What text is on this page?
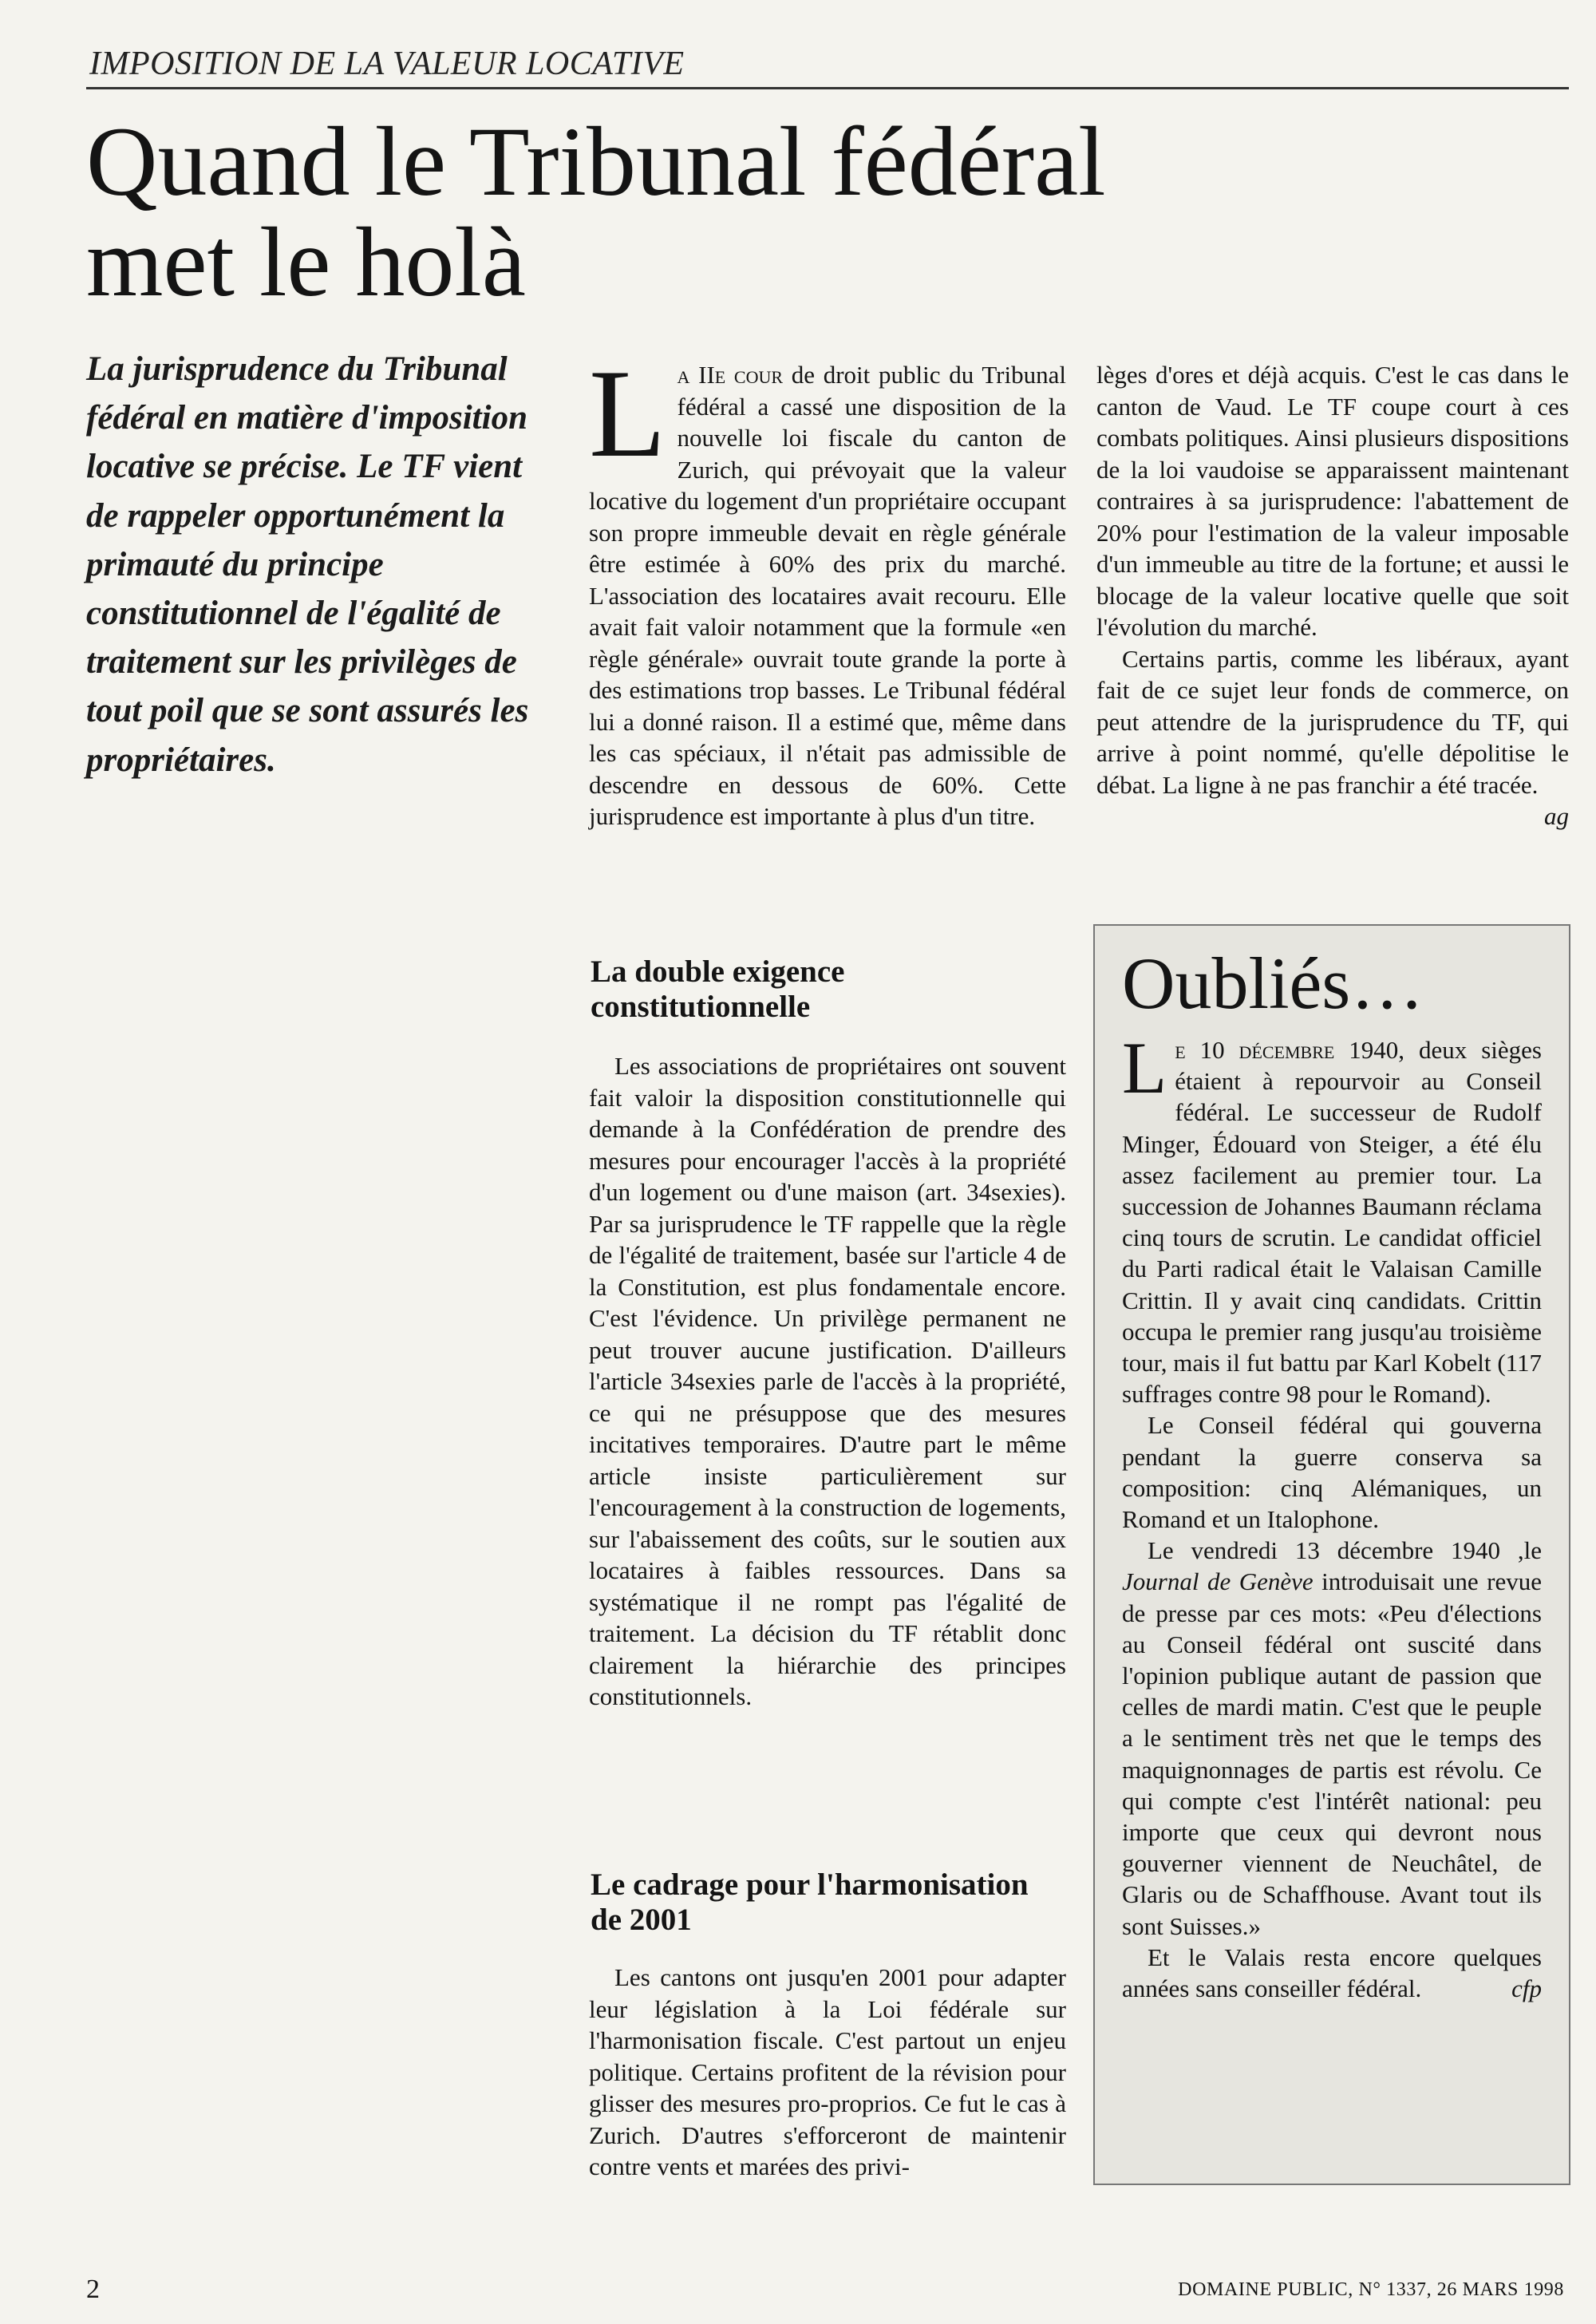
IMPOSITION DE LA VALEUR LOCATIVE
Quand le Tribunal fédéral
met le holà
La jurisprudence du Tribunal fédéral en matière d'imposition locative se précise. Le TF vient de rappeler opportunément la primauté du principe constitutionnel de l'égalité de traitement sur les privilèges de tout poil que se sont assurés les propriétaires.

La IIe cour de droit public du Tribunal fédéral a cassé une disposition de la nouvelle loi fiscale du canton de Zurich, qui prévoyait que la valeur locative du logement d'un propriétaire occupant son propre immeuble devait en règle générale être estimée à 60% des prix du marché. L'association des locataires avait recouru. Elle avait fait valoir notamment que la formule «en règle générale» ouvrait toute grande la porte à des estimations trop basses. Le Tribunal fédéral lui a donné raison. Il a estimé que, même dans les cas spéciaux, il n'était pas admissible de descendre en dessous de 60%. Cette jurisprudence est importante à plus d'un titre.

La double exigence constitutionnelle

Les associations de propriétaires ont souvent fait valoir la disposition constitutionnelle qui demande à la Confédération de prendre des mesures pour encourager l'accès à la propriété d'un logement ou d'une maison (art. 34sexies). Par sa jurisprudence le TF rappelle que la règle de l'égalité de traitement, basée sur l'article 4 de la Constitution, est plus fondamentale encore. C'est l'évidence. Un privilège permanent ne peut trouver aucune justification. D'ailleurs l'article 34sexies parle de l'accès à la propriété, ce qui ne présuppose que des mesures incitatives temporaires. D'autre part le même article insiste particulièrement sur l'encouragement à la construction de logements, sur l'abaissement des coûts, sur le soutien aux locataires à faibles ressources. Dans sa systématique il ne rompt pas l'égalité de traitement. La décision du TF rétablit donc clairement la hiérarchie des principes constitutionnels.

Le cadrage pour l'harmonisation de 2001

Les cantons ont jusqu'en 2001 pour adapter leur législation à la Loi fédérale sur l'harmonisation fiscale. C'est partout un enjeu politique. Certains profitent de la révision pour glisser des mesures pro-proprios. Ce fut le cas à Zurich. D'autres s'efforceront de maintenir contre vents et marées des privi-

lèges d'ores et déjà acquis. C'est le cas dans le canton de Vaud. Le TF coupe court à ces combats politiques. Ainsi plusieurs dispositions de la loi vaudoise se apparaissent maintenant contraires à sa jurisprudence: l'abattement de 20% pour l'estimation de la valeur imposable d'un immeuble au titre de la fortune; et aussi le blocage de la valeur locative quelle que soit l'évolution du marché.

Certains partis, comme les libéraux, ayant fait de ce sujet leur fonds de commerce, on peut attendre de la jurisprudence du TF, qui arrive à point nommé, qu'elle dépolitise le débat. La ligne à ne pas franchir a été tracée.
ag

Oubliés…

Le 10 décembre 1940, deux sièges étaient à repourvoir au Conseil fédéral. Le successeur de Rudolf Minger, Édouard von Steiger, a été élu assez facilement au premier tour. La succession de Johannes Baumann réclama cinq tours de scrutin. Le candidat officiel du Parti radical était le Valaisan Camille Crittin. Il y avait cinq candidats. Crittin occupa le premier rang jusqu'au troisième tour, mais il fut battu par Karl Kobelt (117 suffrages contre 98 pour le Romand).

Le Conseil fédéral qui gouverna pendant la guerre conserva sa composition: cinq Alémaniques, un Romand et un Italophone.

Le vendredi 13 décembre 1940 ,le Journal de Genève introduisait une revue de presse par ces mots: «Peu d'élections au Conseil fédéral ont suscité dans l'opinion publique autant de passion que celles de mardi matin. C'est que le peuple a le sentiment très net que le temps des maquignonnages de partis est révolu. Ce qui compte c'est l'intérêt national: peu importe que ceux qui devront nous gouverner viennent de Neuchâtel, de Glaris ou de Schaffhouse. Avant tout ils sont Suisses.»

Et le Valais resta encore quelques années sans conseiller fédéral.	cfp

2	DOMAINE PUBLIC, N° 1337, 26 MARS 1998
